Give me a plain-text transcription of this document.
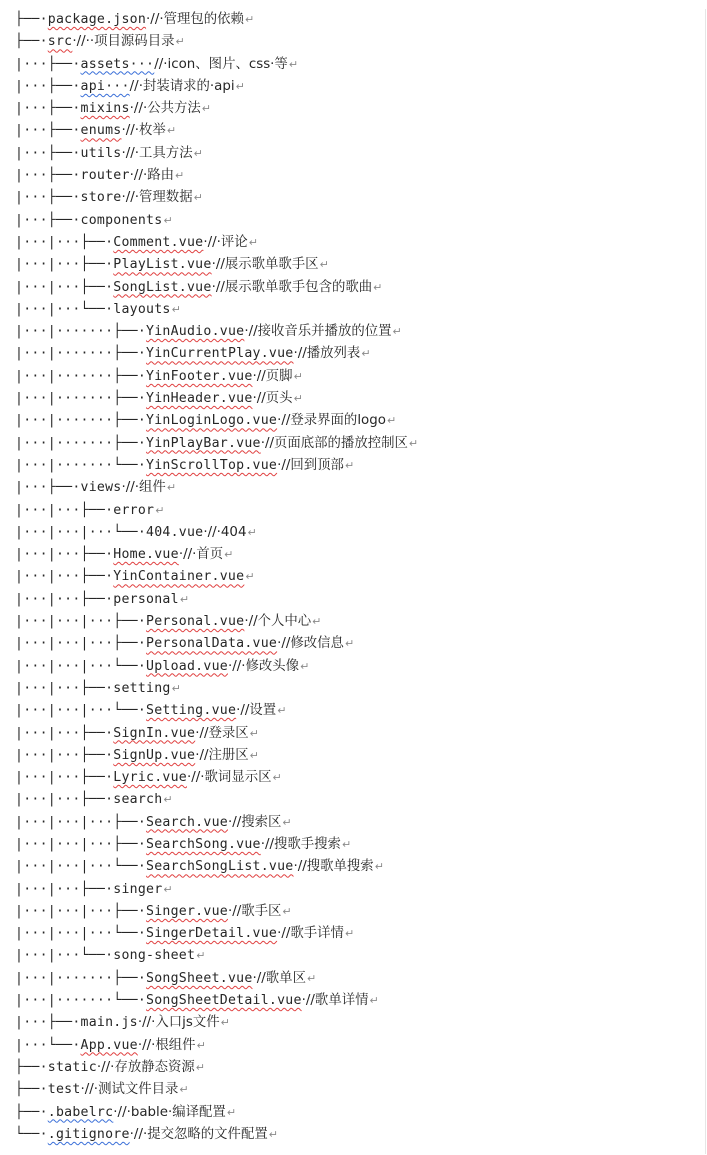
├──·package.json·//·管理包的依赖↵
├──·src·//··项目源码目录↵
|···├──·assets···//·icon、图片、css·等↵
|···├──·api···//·封装请求的·api↵
|···├──·mixins·//·公共方法↵
|···├──·enums·//·枚举↵
|···├──·utils·//·工具方法↵
|···├──·router·//·路由↵
|···├──·store·//·管理数据↵
|···├──·components↵
|···|···├──·Comment.vue·//·评论↵
|···|···├──·PlayList.vue·//展示歌单歌手区↵
|···|···├──·SongList.vue·//展示歌单歌手包含的歌曲↵
|···|···└──·layouts↵
|···|·······├──·YinAudio.vue·//接收音乐并播放的位置↵
|···|·······├──·YinCurrentPlay.vue·//播放列表↵
|···|·······├──·YinFooter.vue·//页脚↵
|···|·······├──·YinHeader.vue·//页头↵
|···|·······├──·YinLoginLogo.vue·//登录界面的logo↵
|···|·······├──·YinPlayBar.vue·//页面底部的播放控制区↵
|···|·······└──·YinScrollTop.vue·//回到顶部↵
|···├──·views·//·组件↵
|···|···├──·error↵
|···|···|···└──·404.vue·//·404↵
|···|···├──·Home.vue·//·首页↵
|···|···├──·YinContainer.vue↵
|···|···├──·personal↵
|···|···|···├──·Personal.vue·//个人中心↵
|···|···|···├──·PersonalData.vue·//修改信息↵
|···|···|···└──·Upload.vue·//·修改头像↵
|···|···├──·setting↵
|···|···|···└──·Setting.vue·//设置↵
|···|···├──·SignIn.vue·//登录区↵
|···|···├──·SignUp.vue·//注册区↵
|···|···├──·Lyric.vue·//·歌词显示区↵
|···|···├──·search↵
|···|···|···├──·Search.vue·//搜索区↵
|···|···|···├──·SearchSong.vue·//搜歌手搜索↵
|···|···|···└──·SearchSongList.vue·//搜歌单搜索↵
|···|···├──·singer↵
|···|···|···├──·Singer.vue·//歌手区↵
|···|···|···└──·SingerDetail.vue·//歌手详情↵
|···|···└──·song-sheet↵
|···|·······├──·SongSheet.vue·//歌单区↵
|···|·······└──·SongSheetDetail.vue·//歌单详情↵
|···├──·main.js·//·入口js文件↵
|···└──·App.vue·//·根组件↵
├──·static·//·存放静态资源↵
├──·test·//·测试文件目录↵
├──·.babelrc·//·bable·编译配置↵
└──·.gitignore·//·提交忽略的文件配置↵
